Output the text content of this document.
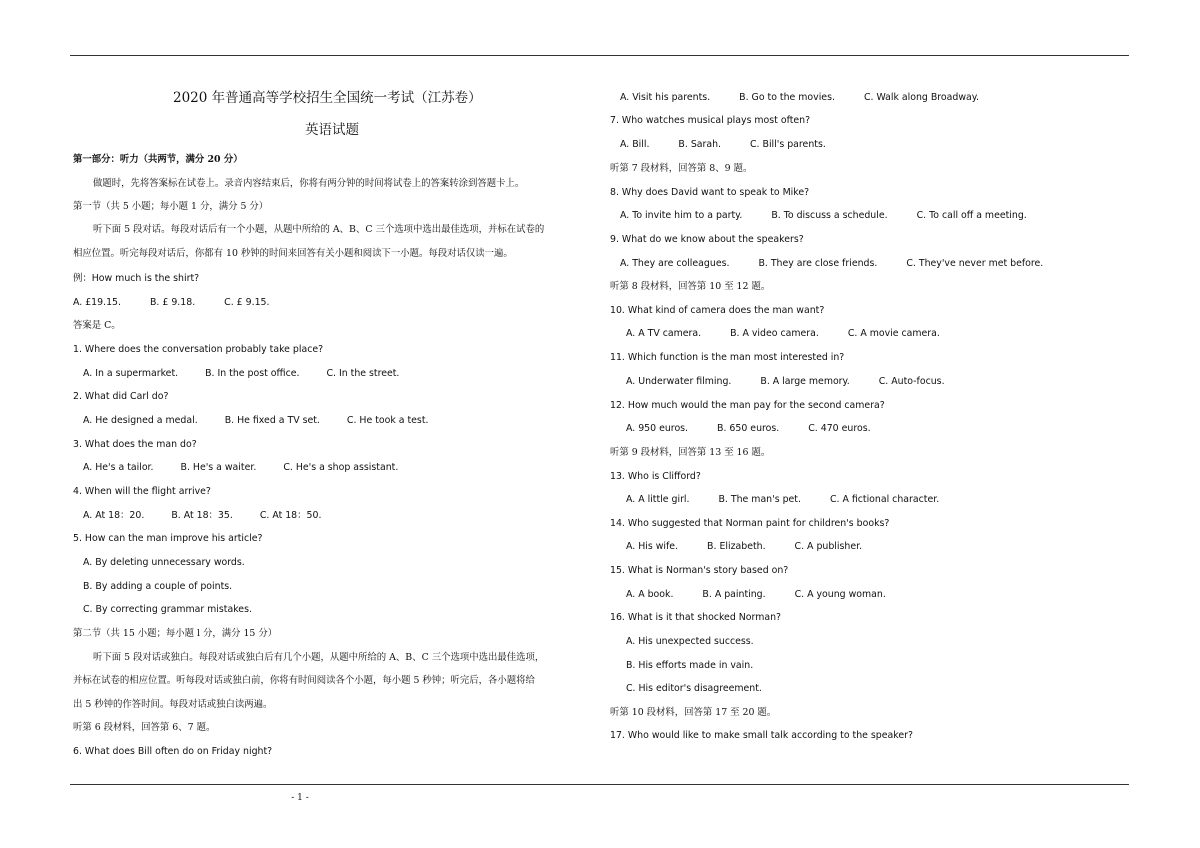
- 1 -
2020 年普通高等学校招生全国统一考试（江苏卷）
英语试题
第一部分：听力（共两节，满分 20 分）
做题时，先将答案标在试卷上。录音内容结束后，你将有两分钟的时间将试卷上的答案转涂到答题卡上。
第一节（共 5 小题；每小题 1 分，满分 5 分）
听下面 5 段对话。每段对话后有一个小题，从题中所给的 A、B、C 三个选项中选出最佳选项，并标在试卷的
相应位置。听完每段对话后，你都有 10 秒钟的时间来回答有关小题和阅读下一小题。每段对话仅读一遍。
例：How much is the shirt?
A. £19.15.	B. £ 9.18.	C. £ 9.15.
答案是 C。
1. Where does the conversation probably take place?
A. In a supermarket.	B. In the post office.	C. In the street.
2. What did Carl do?
A. He designed a medal.	B. He fixed a TV set.	C. He took a test.
3. What does the man do?
A. He's a tailor.	B. He's a waiter.	C. He's a shop assistant.
4. When will the flight arrive?
A. At 18：20.	B. At 18：35.	C. At 18：50.
5. How can the man improve his article?
A. By deleting unnecessary words.
B. By adding a couple of points.
C. By correcting grammar mistakes.
第二节（共 15 小题；每小题 l 分，满分 15 分）
听下面 5 段对话或独白。每段对话或独白后有几个小题，从题中所给的 A、B、C 三个选项中选出最佳选项，
并标在试卷的相应位置。听每段对话或独白前，你将有时间阅读各个小题，每小题 5 秒钟；听完后，各小题将给
出 5 秒钟的作答时间。每段对话或独白读两遍。
听第 6 段材料，回答第 6、7 题。
6. What does Bill often do on Friday night?
A. Visit his parents.	B. Go to the movies.	C. Walk along Broadway.
7. Who watches musical plays most often?
A. Bill.	B. Sarah.	C. Bill's parents.
听第 7 段材料，回答第 8、9 题。
8. Why does David want to speak to Mike?
A. To invite him to a party.	B. To discuss a schedule.	C. To call off a meeting.
9. What do we know about the speakers?
A. They are colleagues.	B. They are close friends.	C. They've never met before.
听第 8 段材料，回答第 10 至 12 题。
10. What kind of camera does the man want?
A. A TV camera.	B. A video camera.	C. A movie camera.
11. Which function is the man most interested in?
A. Underwater filming.	B. A large memory.	C. Auto-focus.
12. How much would the man pay for the second camera?
A. 950 euros.	B. 650 euros.	C. 470 euros.
听第 9 段材料，回答第 13 至 16 题。
13. Who is Clifford?
A. A little girl.	B. The man's pet.	C. A fictional character.
14. Who suggested that Norman paint for children's books?
A. His wife.	B. Elizabeth.	C. A publisher.
15. What is Norman's story based on?
A. A book.	B. A painting.	C. A young woman.
16. What is it that shocked Norman?
A. His unexpected success.
B. His efforts made in vain.
C. His editor's disagreement.
听第 10 段材料，回答第 17 至 20 题。
17. Who would like to make small talk according to the speaker?
